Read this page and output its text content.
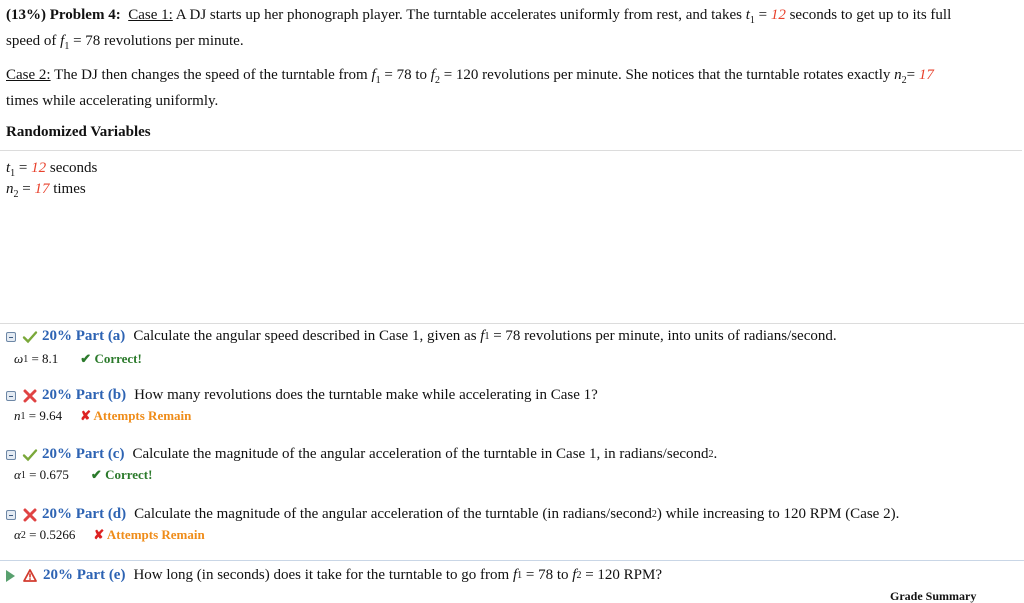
(13%) Problem 4: Case 1: A DJ starts up her phonograph player. The turntable accelerates uniformly from rest, and takes $t_1 = 12$ seconds to get up to its full
speed of $f_1 = 78$ revolutions per minute.
Case 2: The DJ then changes the speed of the turntable from $f_1 = 78$ to $f_2 = 120$ revolutions per minute. She notices that the turntable rotates exactly $n_2= 17$
times while accelerating uniformly.
Randomized Variables
$t_1 = 12$ seconds
$n_2 = 17$ times
20% Part (a) Calculate the angular speed described in Case 1, given as
f 1
= 78 revolutions per minute, into units of radians/second.
ω 1
= 8.1 ✔ Correct!
20% Part (b) How many revolutions does the turntable make while accelerating in Case 1?
n 1
= 9.64 ✘ Attempts Remain
20% Part (c) Calculate the magnitude of the angular acceleration of the turntable in Case 1, in radians/second 2 .
α 1
= 0.675 ✔ Correct!
20% Part (d) Calculate the magnitude of the angular acceleration of the turntable (in radians/second 2 ) while increasing to 120 RPM (Case 2).
α 2
= 0.5266 ✘ Attempts Remain
20% Part (e) How long (in seconds) does it take for the turntable to go from
f 1
= 78 to
f 2
= 120 RPM?
Grade Summary
